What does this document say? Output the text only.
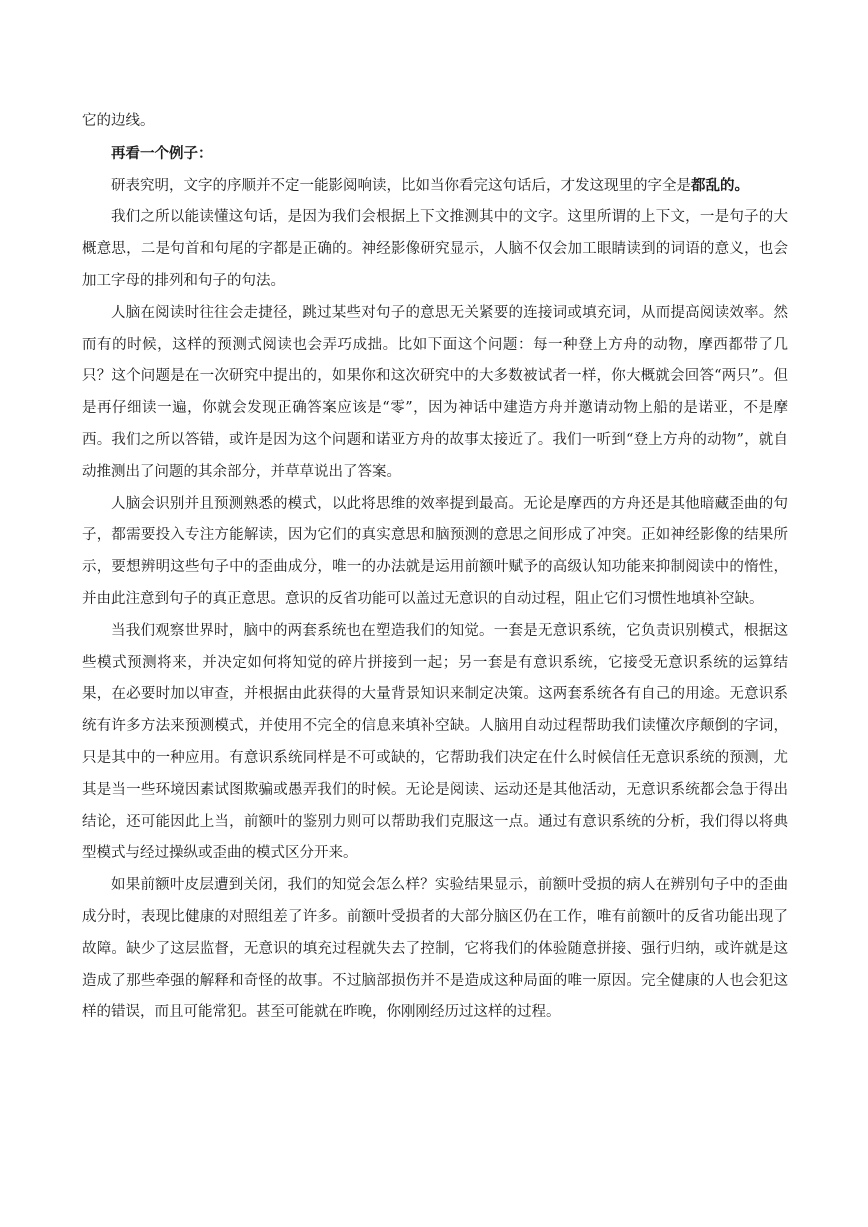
它的边线。

再看一个例子：

研表究明，文字的序顺并不定一能影阅响读，比如当你看完这句话后，才发这现里的字全是都乱的。

我们之所以能读懂这句话，是因为我们会根据上下文推测其中的文字。这里所谓的上下文，一是句子的大概意思，二是句首和句尾的字都是正确的。神经影像研究显示，人脑不仅会加工眼睛读到的词语的意义，也会加工字母的排列和句子的句法。

人脑在阅读时往往会走捷径，跳过某些对句子的意思无关紧要的连接词或填充词，从而提高阅读效率。然而有的时候，这样的预测式阅读也会弄巧成拙。比如下面这个问题：每一种登上方舟的动物，摩西都带了几只？这个问题是在一次研究中提出的，如果你和这次研究中的大多数被试者一样，你大概就会回答“两只”。但是再仔细读一遍，你就会发现正确答案应该是“零”，因为神话中建造方舟并邀请动物上船的是诺亚，不是摩西。我们之所以答错，或许是因为这个问题和诺亚方舟的故事太接近了。我们一听到“登上方舟的动物”，就自动推测出了问题的其余部分，并草草说出了答案。

人脑会识别并且预测熟悉的模式，以此将思维的效率提到最高。无论是摩西的方舟还是其他暗藏歪曲的句子，都需要投入专注方能解读，因为它们的真实意思和脑预测的意思之间形成了冲突。正如神经影像的结果所示，要想辨明这些句子中的歪曲成分，唯一的办法就是运用前额叶赋予的高级认知功能来抑制阅读中的惰性，并由此注意到句子的真正意思。意识的反省功能可以盖过无意识的自动过程，阻止它们习惯性地填补空缺。

当我们观察世界时，脑中的两套系统也在塑造我们的知觉。一套是无意识系统，它负责识别模式，根据这些模式预测将来，并决定如何将知觉的碎片拼接到一起；另一套是有意识系统，它接受无意识系统的运算结果，在必要时加以审查，并根据由此获得的大量背景知识来制定决策。这两套系统各有自己的用途。无意识系统有许多方法来预测模式，并使用不完全的信息来填补空缺。人脑用自动过程帮助我们读懂次序颠倒的字词，只是其中的一种应用。有意识系统同样是不可或缺的，它帮助我们决定在什么时候信任无意识系统的预测，尤其是当一些环境因素试图欺骗或愚弄我们的时候。无论是阅读、运动还是其他活动，无意识系统都会急于得出结论，还可能因此上当，前额叶的鉴别力则可以帮助我们克服这一点。通过有意识系统的分析，我们得以将典型模式与经过操纵或歪曲的模式区分开来。

如果前额叶皮层遭到关闭，我们的知觉会怎么样？实验结果显示，前额叶受损的病人在辨别句子中的歪曲成分时，表现比健康的对照组差了许多。前额叶受损者的大部分脑区仍在工作，唯有前额叶的反省功能出现了故障。缺少了这层监督，无意识的填充过程就失去了控制，它将我们的体验随意拼接、强行归纳，或许就是这造成了那些牵强的解释和奇怪的故事。不过脑部损伤并不是造成这种局面的唯一原因。完全健康的人也会犯这样的错误，而且可能常犯。甚至可能就在昨晚，你刚刚经历过这样的过程。
